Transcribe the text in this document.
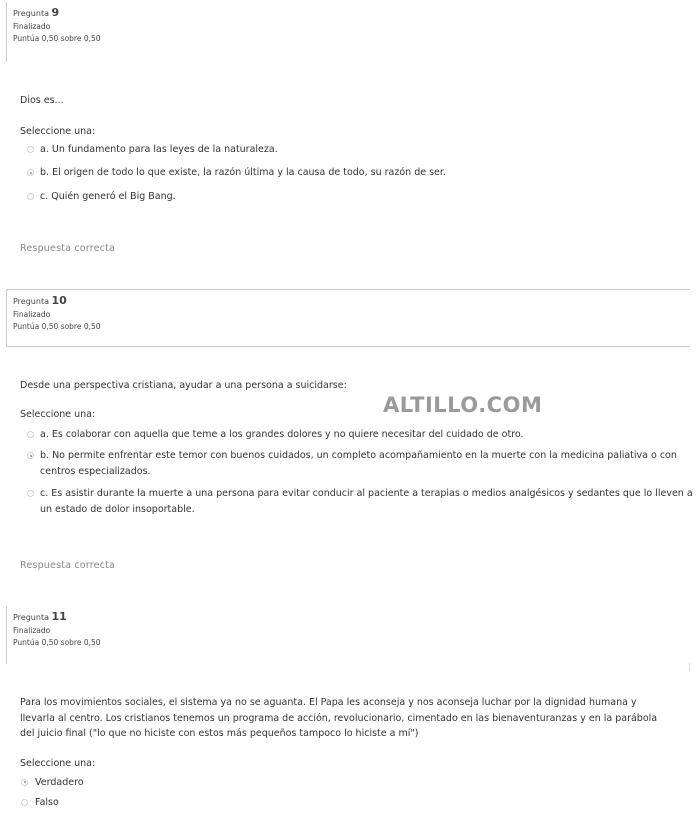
Pregunta 9
Finalizado
Puntúa 0,50 sobre 0,50

Dios es...

Seleccione una:

a. Un fundamento para las leyes de la naturaleza.
b. El origen de todo lo que existe, la razón última y la causa de todo, su razón de ser.
c. Quién generó el Big Bang.
Respuesta correcta
Pregunta 10
Finalizado
Puntúa 0,50 sobre 0,50

Desde una perspectiva cristiana, ayudar a una persona a suicidarse:

Seleccione una:

a. Es colaborar con aquella que teme a los grandes dolores y no quiere necesitar del cuidado de otro.
b. No permite enfrentar este temor con buenos cuidados, un completo acompañamiento en la muerte con la medicina paliativa o con centros especializados.
c. Es asistir durante la muerte a una persona para evitar conducir al paciente a terapias o medios analgésicos y sedantes que lo lleven a un estado de dolor insoportable.
Respuesta correcta
ALTILLO.COM
Pregunta 11
Finalizado
Puntúa 0,50 sobre 0,50

Para los movimientos sociales, el sistema ya no se aguanta. El Papa les aconseja y nos aconseja luchar por la dignidad humana y llevarla al centro. Los cristianos tenemos un programa de acción, revolucionario, cimentado en las bienaventuranzas y en la parábola del juicio final ("lo que no hiciste con estos más pequeños tampoco lo hiciste a mí")

Seleccione una:

Verdadero
Falso
